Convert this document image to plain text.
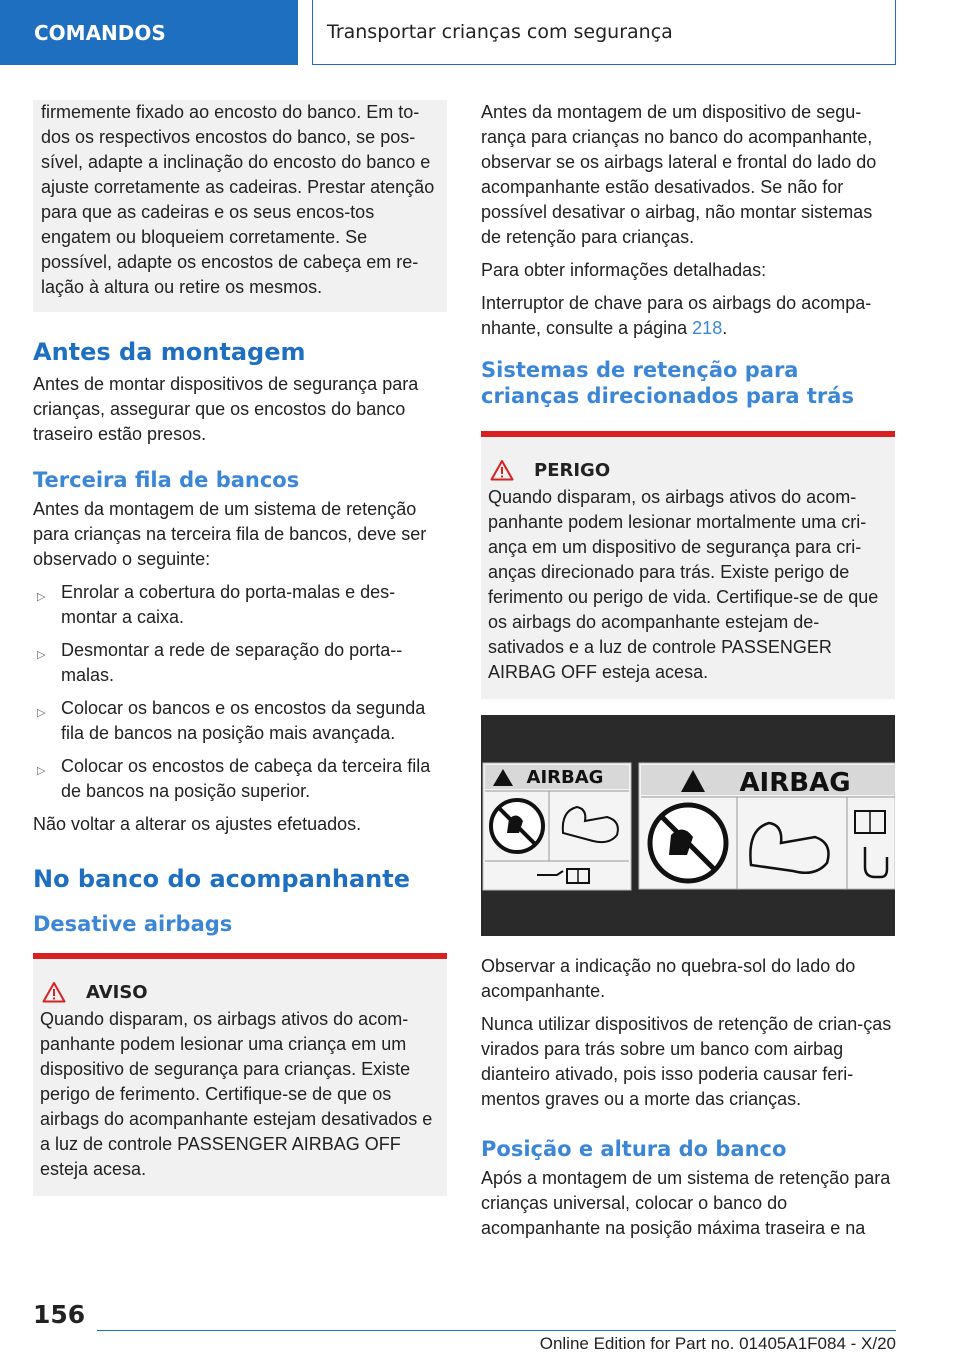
COMANDOS	Transportar crianças com segurança

firmemente fixado ao encosto do banco. Em to-dos os respectivos encostos do banco, se pos-sível, adapte a inclinação do encosto do banco e ajuste corretamente as cadeiras. Prestar atenção para que as cadeiras e os seus encos-tos engatem ou bloqueiem corretamente. Se possível, adapte os encostos de cabeça em re-lação à altura ou retire os mesmos.

Antes da montagem

Antes de montar dispositivos de segurança para crianças, assegurar que os encostos do banco traseiro estão presos.

Terceira fila de bancos

Antes da montagem de um sistema de retenção para crianças na terceira fila de bancos, deve ser observado o seguinte:

▷ Enrolar a cobertura do porta-malas e des-montar a caixa.
▷ Desmontar a rede de separação do porta--malas.
▷ Colocar os bancos e os encostos da segunda fila de bancos na posição mais avançada.
▷ Colocar os encostos de cabeça da terceira fila de bancos na posição superior.

Não voltar a alterar os ajustes efetuados.

No banco do acompanhante
Desative airbags
AVISO

Quando disparam, os airbags ativos do acom-panhante podem lesionar uma criança em um dispositivo de segurança para crianças. Existe perigo de ferimento. Certifique-se de que os airbags do acompanhante estejam desativados e a luz de controle PASSENGER AIRBAG OFF esteja acesa.

Antes da montagem de um dispositivo de segu-rança para crianças no banco do acompanhante, observar se os airbags lateral e frontal do lado do acompanhante estão desativados. Se não for possível desativar o airbag, não montar sistemas de retenção para crianças.

Para obter informações detalhadas:

Interruptor de chave para os airbags do acompa-nhante, consulte a página 218.

Sistemas de retenção para crianças direcionados para trás
PERIGO

Quando disparam, os airbags ativos do acom-panhante podem lesionar mortalmente uma cri-ança em um dispositivo de segurança para cri-anças direcionado para trás. Existe perigo de ferimento ou perigo de vida. Certifique-se de que os airbags do acompanhante estejam de-sativados e a luz de controle PASSENGER AIRBAG OFF esteja acesa.

AIRBAG	AIRBAG

Observar a indicação no quebra-sol do lado do acompanhante.

Nunca utilizar dispositivos de retenção de crian-ças virados para trás sobre um banco com airbag dianteiro ativado, pois isso poderia causar feri-mentos graves ou a morte das crianças.

Posição e altura do banco

Após a montagem de um sistema de retenção para crianças universal, colocar o banco do acompanhante na posição máxima traseira e na

156
Online Edition for Part no. 01405A1F084 - X/20
